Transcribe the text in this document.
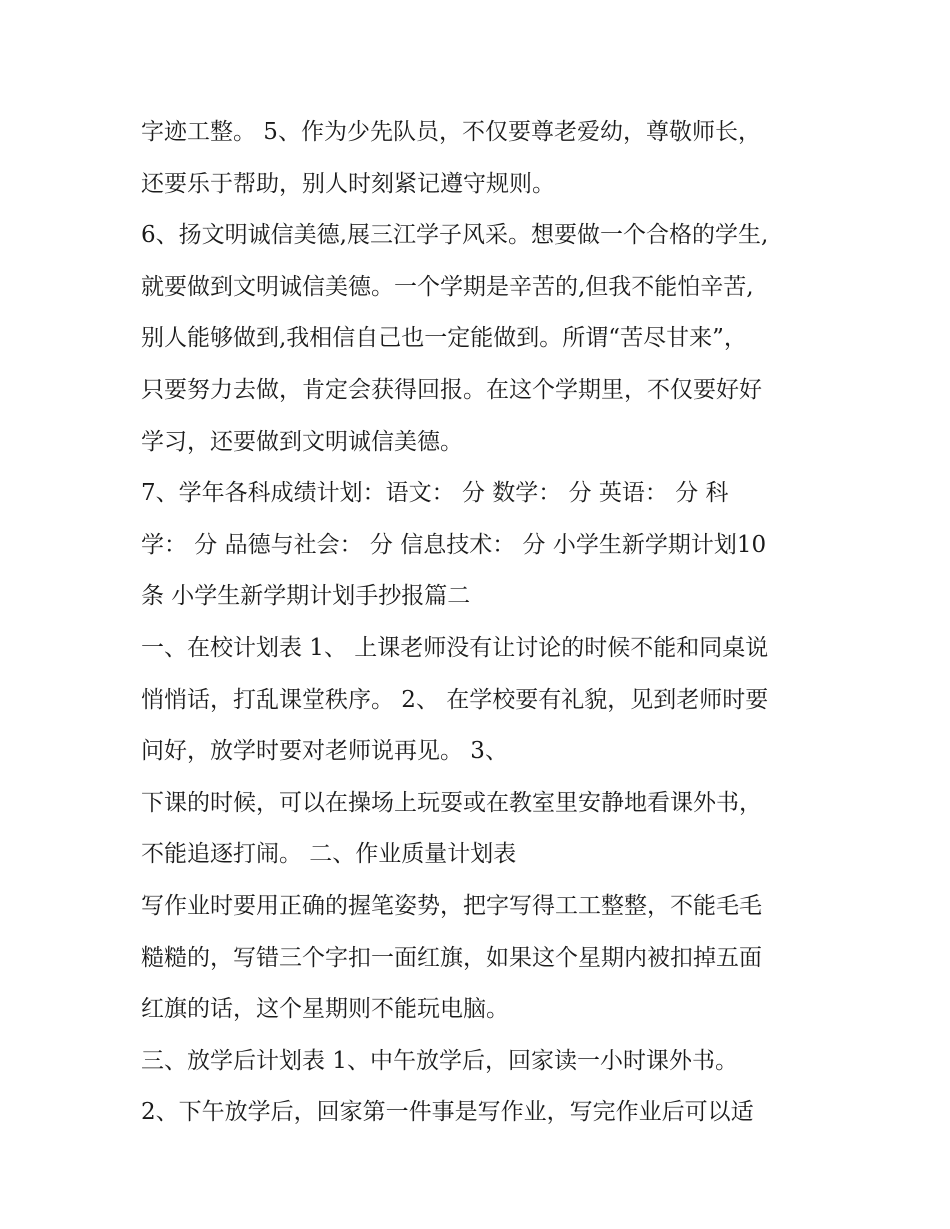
字迹工整。 5、作为少先队员，不仅要尊老爱幼，尊敬师长，

还要乐于帮助，别人时刻紧记遵守规则。

6、扬文明诚信美德,展三江学子风采。想要做一个合格的学生,

就要做到文明诚信美德。一个学期是辛苦的,但我不能怕辛苦,

别人能够做到,我相信自己也一定能做到。所谓“苦尽甘来”，

只要努力去做，肯定会获得回报。在这个学期里，不仅要好好

学习，还要做到文明诚信美德。

7、学年各科成绩计划：语文： 分 数学： 分 英语： 分 科

学： 分 品德与社会： 分 信息技术： 分 小学生新学期计划10

条 小学生新学期计划手抄报篇二

一、在校计划表 1、 上课老师没有让讨论的时候不能和同桌说

悄悄话，打乱课堂秩序。 2、 在学校要有礼貌，见到老师时要

问好，放学时要对老师说再见。 3、

下课的时候，可以在操场上玩耍或在教室里安静地看课外书，

不能追逐打闹。 二、作业质量计划表

写作业时要用正确的握笔姿势，把字写得工工整整，不能毛毛

糙糙的，写错三个字扣一面红旗，如果这个星期内被扣掉五面

红旗的话，这个星期则不能玩电脑。

三、放学后计划表 1、中午放学后，回家读一小时课外书。

2、下午放学后，回家第一件事是写作业，写完作业后可以适
